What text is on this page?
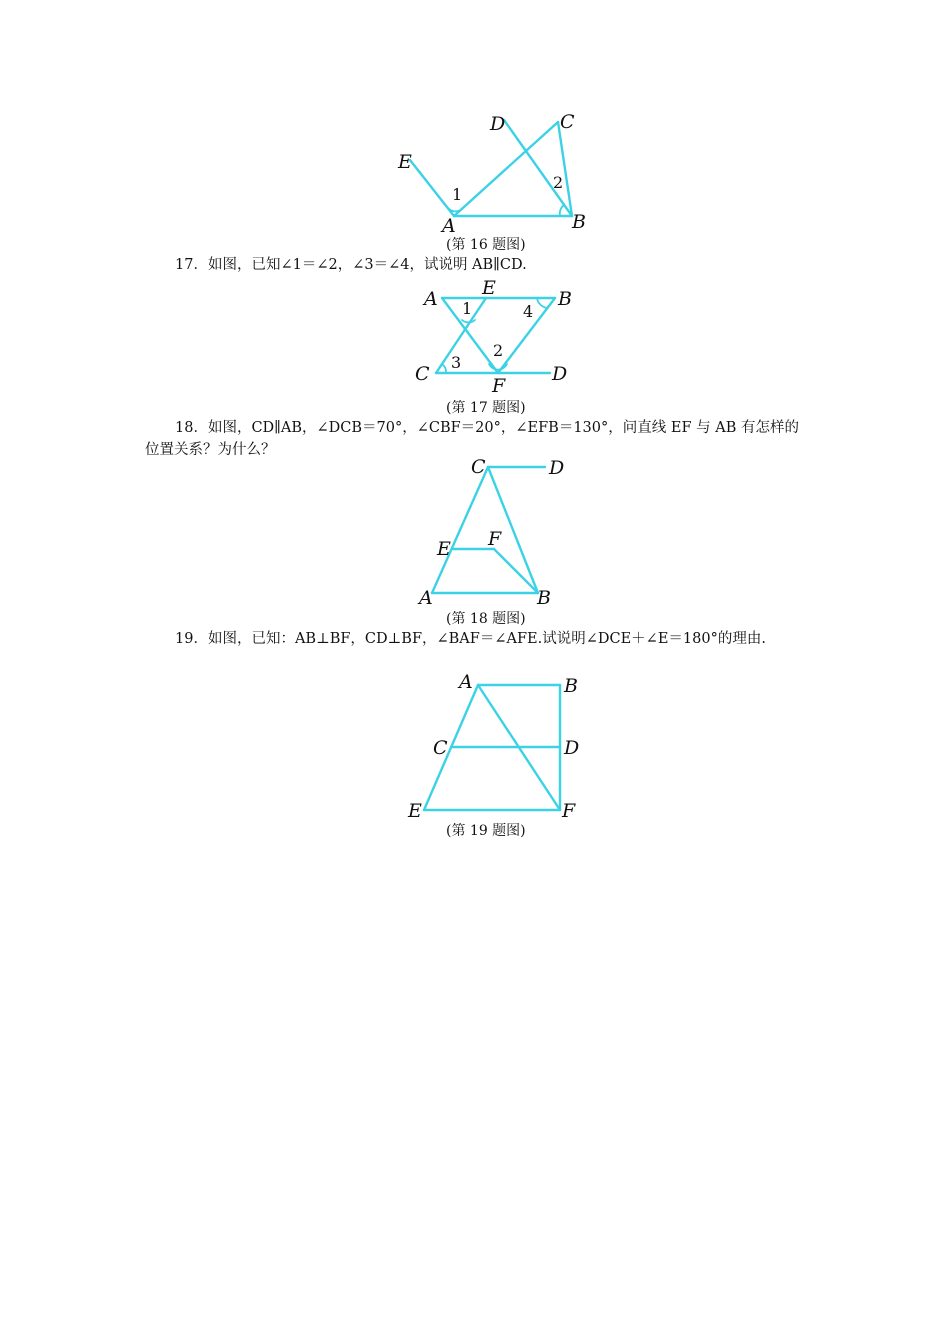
E
D	C
A	B
1
2
(第 16 题图)
17．如图，已知∠1＝∠2，∠3＝∠4，试说明 AB∥CD.
A E	B
C
F
D
1	4
3
2
(第 17 题图)
18．如图，CD∥AB，∠DCB＝70°，∠CBF＝20°，∠EFB＝130°，问直线 EF 与 AB 有怎样的位置关系？为什么？
C	D
E F
A	B
(第 18 题图)
19．如图，已知：AB⊥BF，CD⊥BF，∠BAF＝∠AFE.试说明∠DCE＋∠E＝180°的理由.
A	B
C	D
E	F
(第 19 题图)
